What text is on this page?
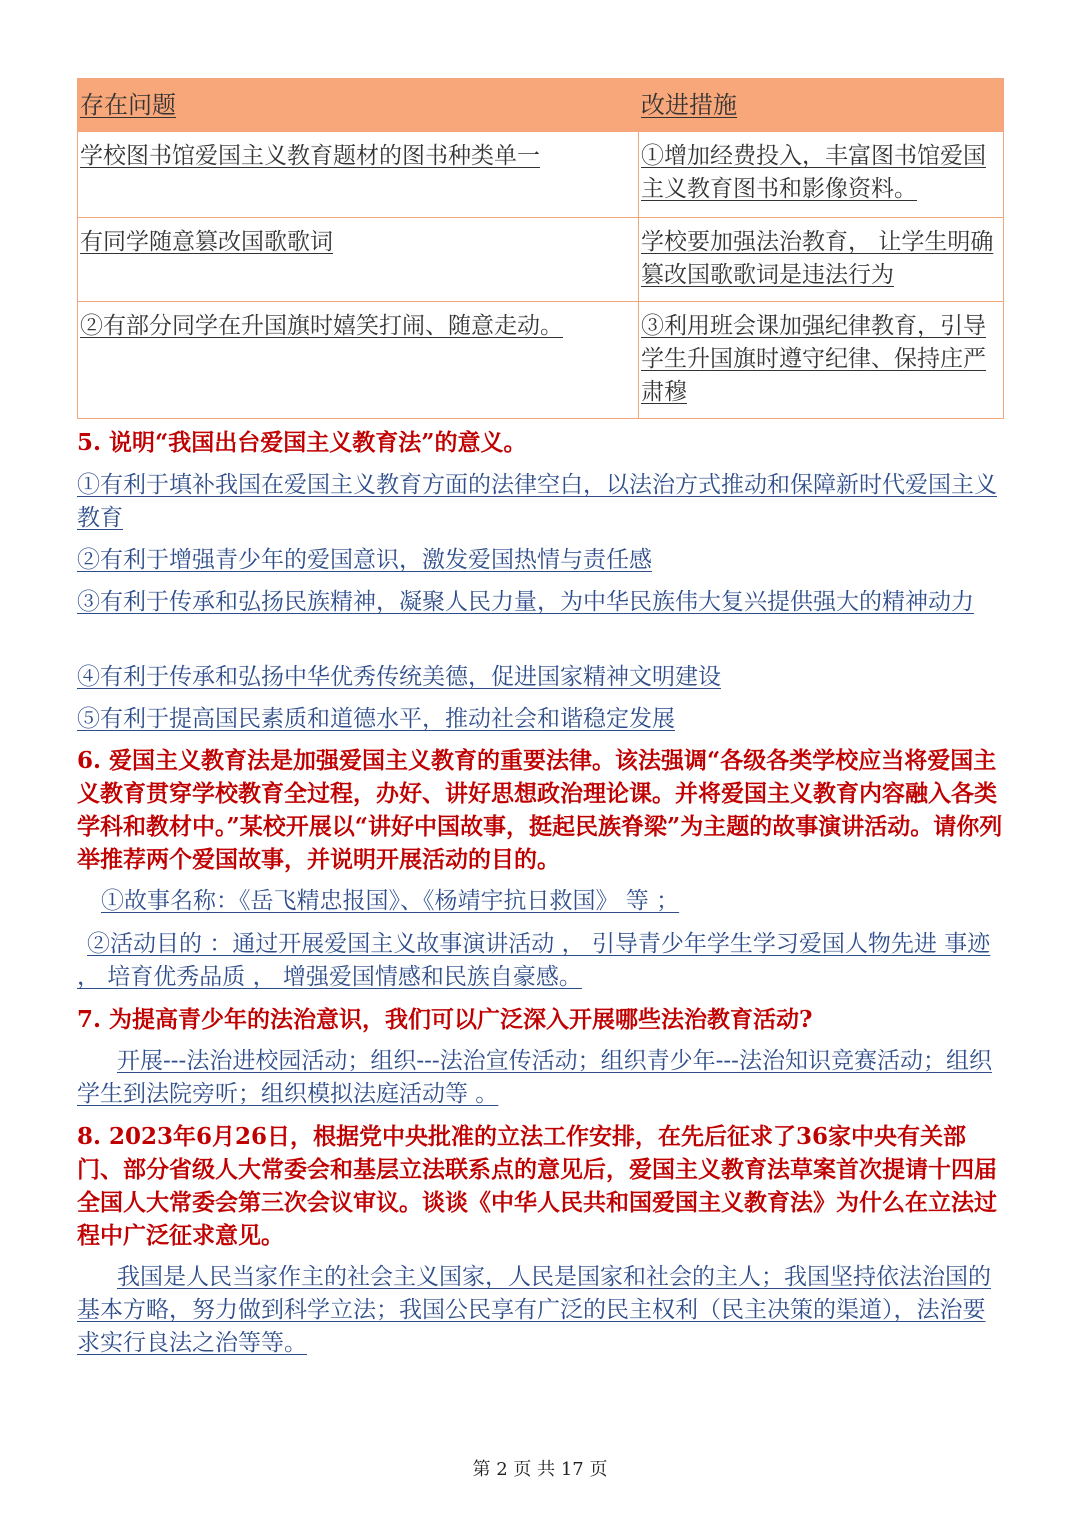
存在问题	改进措施
学校图书馆爱国主义教育题材的图书种类单一	①增加经费投入，丰富图书馆爱国主义教育图书和影像资料。
有同学随意篡改国歌歌词	学校要加强法治教育， 让学生明确篡改国歌歌词是违法行为
②有部分同学在升国旗时嬉笑打闹、随意走动。	③利用班会课加强纪律教育，引导学生升国旗时遵守纪律、保持庄严肃穆

5. 说明“我国出台爱国主义教育法”的意义。

①有利于填补我国在爱国主义教育方面的法律空白，以法治方式推动和保障新时代爱国主义教育

②有利于增强青少年的爱国意识，激发爱国热情与责任感

③有利于传承和弘扬民族精神，凝聚人民力量，为中华民族伟大复兴提供强大的精神动力

④有利于传承和弘扬中华优秀传统美德，促进国家精神文明建设

⑤有利于提高国民素质和道德水平，推动社会和谐稳定发展

6. 爱国主义教育法是加强爱国主义教育的重要法律。该法强调“各级各类学校应当将爱国主义教育贯穿学校教育全过程，办好、讲好思想政治理论课。并将爱国主义教育内容融入各类学科和教材中。”某校开展以“讲好中国故事，挺起民族脊梁”为主题的故事演讲活动。请你列举推荐两个爱国故事，并说明开展活动的目的。

①故事名称：《岳飞精忠报国》、《杨靖宇抗日救国》 等 ；

②活动目的 ：通过开展爱国主义故事演讲活动 ， 引导青少年学生学习爱国人物先进 事迹 ， 培育优秀品质 ， 增强爱国情感和民族自豪感。

7. 为提高青少年的法治意识，我们可以广泛深入开展哪些法治教育活动?

开展---法治进校园活动；组织---法治宣传活动；组织青少年---法治知识竞赛活动；组织学生到法院旁听；组织模拟法庭活动等 。

8. 2023年6月26日，根据党中央批准的立法工作安排，在先后征求了36家中央有关部门、部分省级人大常委会和基层立法联系点的意见后，爱国主义教育法草案首次提请十四届全国人大常委会第三次会议审议。谈谈《中华人民共和国爱国主义教育法》为什么在立法过程中广泛征求意见。

我国是人民当家作主的社会主义国家，人民是国家和社会的主人；我国坚持依法治国的基本方略，努力做到科学立法；我国公民享有广泛的民主权利（民主决策的渠道），法治要求实行良法之治等等。

第 2 页 共 17 页
